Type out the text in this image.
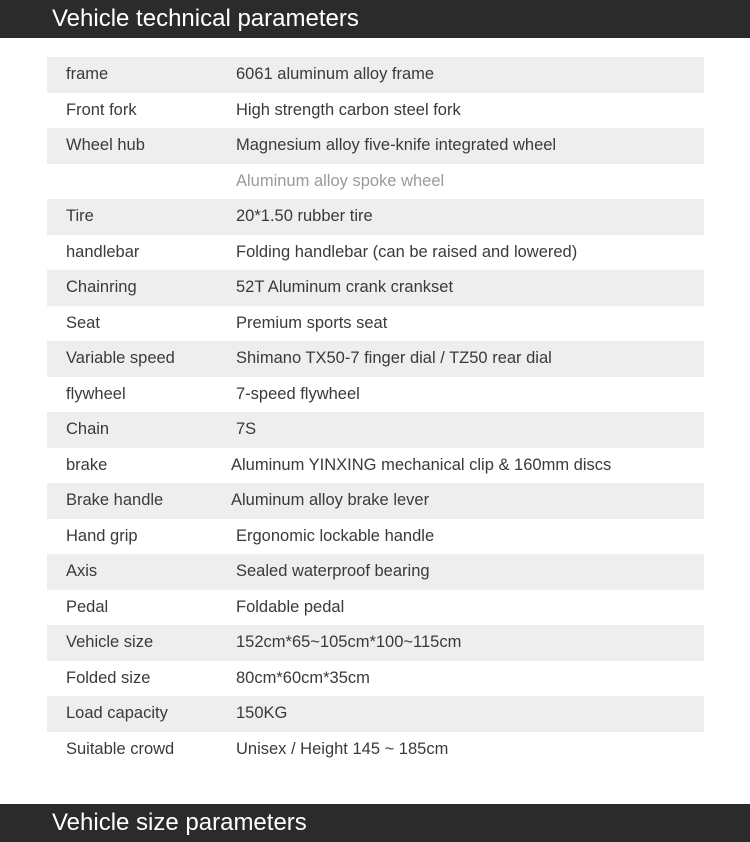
Vehicle technical parameters
frame	6061 aluminum alloy frame
Front fork	High strength carbon steel fork
Wheel hub	Magnesium alloy five-knife integrated wheel
Aluminum alloy spoke wheel
Tire	20*1.50 rubber tire
handlebar	Folding handlebar (can be raised and lowered)
Chainring	52T Aluminum crank crankset
Seat	Premium sports seat
Variable speed	Shimano TX50-7 finger dial / TZ50 rear dial
flywheel	7-speed flywheel
Chain	7S
brake	Aluminum YINXING mechanical clip & 160mm discs
Brake handle	Aluminum alloy brake lever
Hand grip	Ergonomic lockable handle
Axis	Sealed waterproof bearing
Pedal	Foldable pedal
Vehicle size	152cm*65~105cm*100~115cm
Folded size	80cm*60cm*35cm
Load capacity	150KG
Suitable crowd	Unisex / Height 145 ~ 185cm
Vehicle size parameters
